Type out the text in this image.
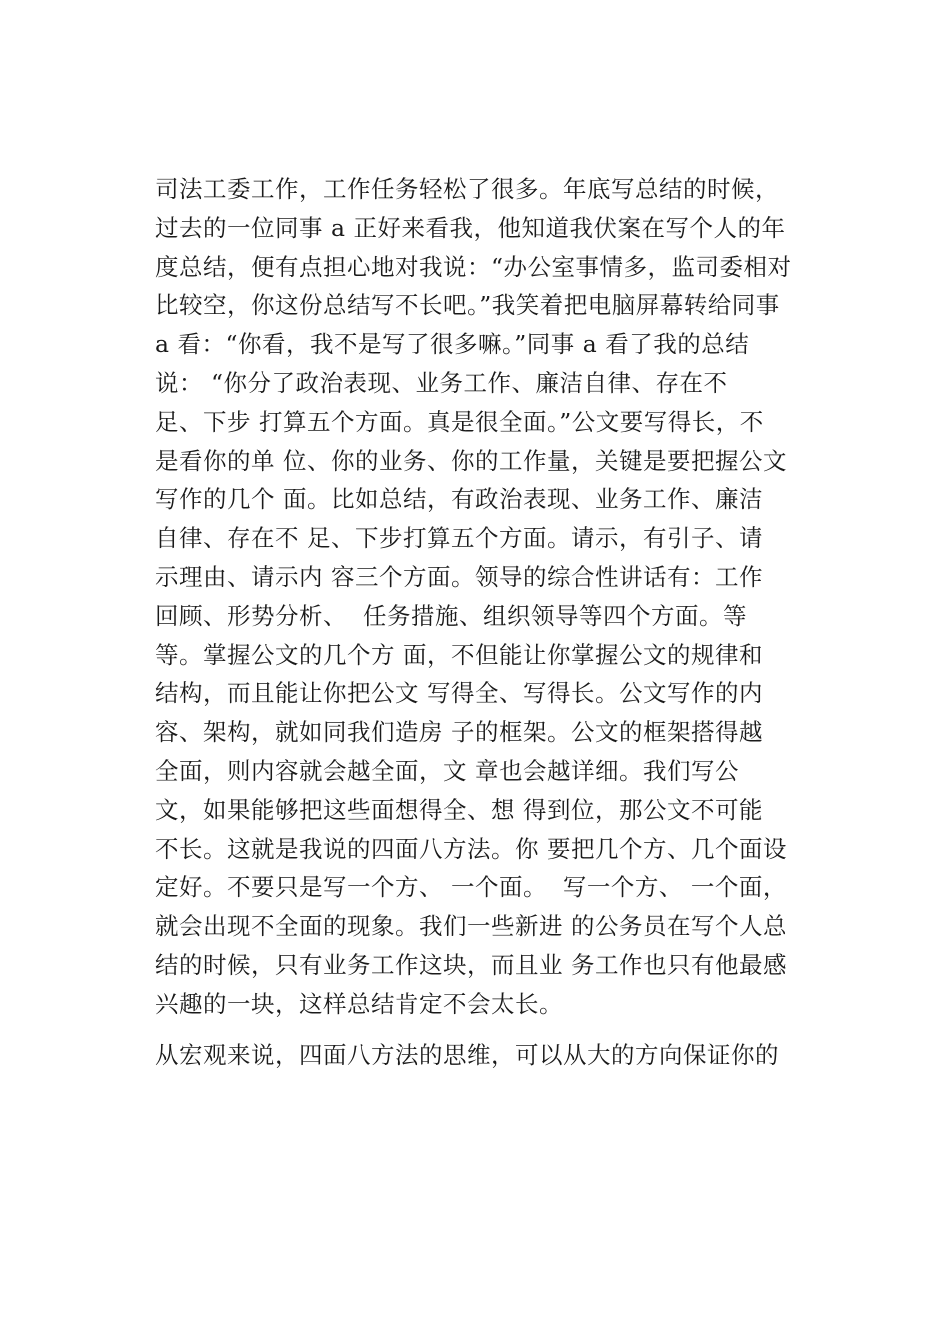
司法工委工作，工作任务轻松了很多。年底写总结的时候，
过去的一位同事 a 正好来看我，他知道我伏案在写个人的年
度总结，便有点担心地对我说：“办公室事情多，监司委相对
比较空，你这份总结写不长吧。”我笑着把电脑屏幕转给同事
a 看：“你看，我不是写了很多嘛。”同事 a 看了我的总结
说： “你分了政治表现、业务工作、廉洁自律、存在不
足、下步 打算五个方面。真是很全面。”公文要写得长，不
是看你的单 位、你的业务、你的工作量，关键是要把握公文
写作的几个 面。比如总结，有政治表现、业务工作、廉洁
自律、存在不 足、下步打算五个方面。请示，有引子、请
示理由、请示内 容三个方面。领导的综合性讲话有：工作
回顾、形势分析、  任务措施、组织领导等四个方面。等
等。掌握公文的几个方 面，不但能让你掌握公文的规律和
结构，而且能让你把公文 写得全、写得长。公文写作的内
容、架构，就如同我们造房 子的框架。公文的框架搭得越
全面，则内容就会越全面，文 章也会越详细。我们写公
文，如果能够把这些面想得全、想 得到位，那公文不可能
不长。这就是我说的四面八方法。你 要把几个方、几个面设
定好。不要只是写一个方、 一个面。  写一个方、 一个面，
就会出现不全面的现象。我们一些新进 的公务员在写个人总
结的时候，只有业务工作这块，而且业 务工作也只有他最感
兴趣的一块，这样总结肯定不会太长。
从宏观来说，四面八方法的思维，可以从大的方向保证你的
